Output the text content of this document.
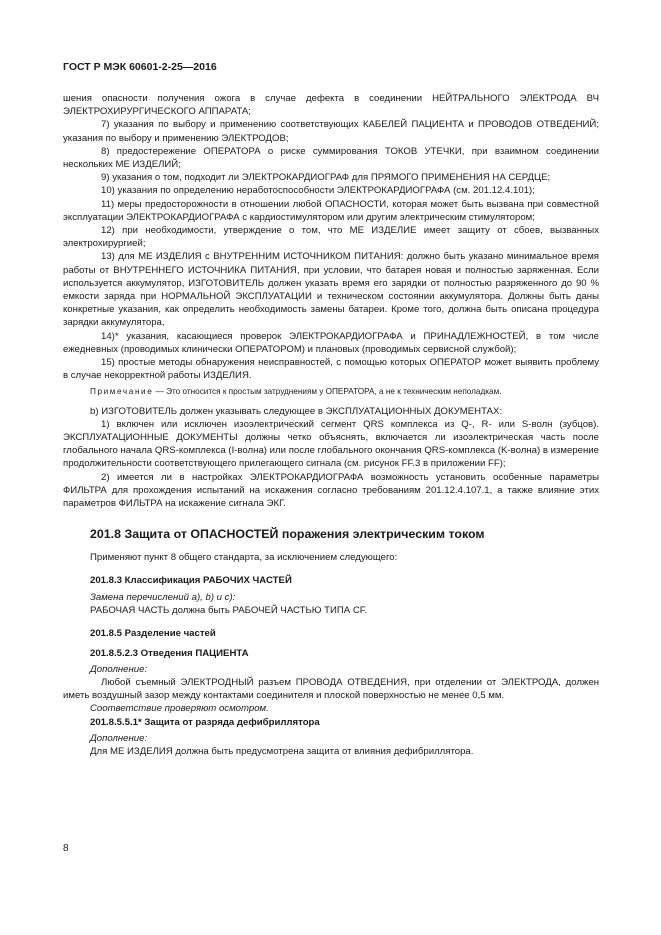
ГОСТ Р МЭК 60601-2-25—2016

шения опасности получения ожога в случае дефекта в соединении НЕЙТРАЛЬНОГО ЭЛЕКТРОДА ВЧ ЭЛЕКТРОХИРУРГИЧЕСКОГО АППАРАТА;

7) указания по выбору и применению соответствующих КАБЕЛЕЙ ПАЦИЕНТА и ПРОВОДОВ ОТВЕДЕНИЙ; указания по выбору и применению ЭЛЕКТРОДОВ;

8) предостережение ОПЕРАТОРА о риске суммирования ТОКОВ УТЕЧКИ, при взаимном соединении нескольких МЕ ИЗДЕЛИЙ;

9) указания о том, подходит ли ЭЛЕКТРОКАРДИОГРАФ для ПРЯМОГО ПРИМЕНЕНИЯ НА СЕРДЦЕ;

10) указания по определению неработоспособности ЭЛЕКТРОКАРДИОГРАФА (см. 201.12.4.101);

11) меры предосторожности в отношении любой ОПАСНОСТИ, которая может быть вызвана при совместной эксплуатации ЭЛЕКТРОКАРДИОГРАФА с кардиостимулятором или другим электрическим стимулятором;

12) при необходимости, утверждение о том, что МЕ ИЗДЕЛИЕ имеет защиту от сбоев, вызванных электрохирургией;

13) для МЕ ИЗДЕЛИЯ с ВНУТРЕННИМ ИСТОЧНИКОМ ПИТАНИЯ: должно быть указано минимальное время работы от ВНУТРЕННЕГО ИСТОЧНИКА ПИТАНИЯ, при условии, что батарея новая и полностью заряженная. Если используется аккумулятор, ИЗГОТОВИТЕЛЬ должен указать время его зарядки от полностью разряженного до 90 % емкости заряда при НОРМАЛЬНОЙ ЭКСПЛУАТАЦИИ и техническом состоянии аккумулятора. Должны быть даны конкретные указания, как определить необходимость замены батареи. Кроме того, должна быть описана процедура зарядки аккумулятора,

14)* указания, касающиеся проверок ЭЛЕКТРОКАРДИОГРАФА и ПРИНАДЛЕЖНОСТЕЙ, в том числе ежедневных (проводимых клинически ОПЕРАТОРОМ) и плановых (проводимых сервисной службой);

15) простые методы обнаружения неисправностей, с помощью которых ОПЕРАТОР может выявить проблему в случае некорректной работы ИЗДЕЛИЯ.

Примечание — Это относится к простым затруднениям у ОПЕРАТОРА, а не к техническим неполадкам.

b) ИЗГОТОВИТЕЛЬ должен указывать следующее в ЭКСПЛУАТАЦИОННЫХ ДОКУМЕНТАХ:

1) включен или исключен изоэлектрический сегмент QRS комплекса из Q-, R- или S-волн (зубцов). ЭКСПЛУАТАЦИОННЫЕ ДОКУМЕНТЫ должны четко объяснять, включается ли изоэлектрическая часть после глобального начала QRS-комплекса (I-волна) или после глобального окончания QRS-комплекса (K-волна) в измерение продолжительности соответствующего прилегающего сигнала (см. рисунок FF.3 в приложении FF);

2) имеется ли в настройках ЭЛЕКТРОКАРДИОГРАФА возможность установить особенные параметры ФИЛЬТРА для прохождения испытаний на искажения согласно требованиям 201.12.4.107.1, а также влияние этих параметров ФИЛЬТРА на искажение сигнала ЭКГ.

201.8 Защита от ОПАСНОСТЕЙ поражения электрическим током

Применяют пункт 8 общего стандарта, за исключением следующего:

201.8.3 Классификация РАБОЧИХ ЧАСТЕЙ

Замена перечислений a), b) и c):

РАБОЧАЯ ЧАСТЬ должна быть РАБОЧЕЙ ЧАСТЬЮ ТИПА CF.

201.8.5 Разделение частей
201.8.5.2.3 Отведения ПАЦИЕНТА

Дополнение:

Любой съемный ЭЛЕКТРОДНЫЙ разъем ПРОВОДА ОТВЕДЕНИЯ, при отделении от ЭЛЕКТРОДА, должен иметь воздушный зазор между контактами соединителя и плоской поверхностью не менее 0,5 мм.

Соответствие проверяют осмотром.

201.8.5.5.1* Защита от разряда дефибриллятора

Дополнение:

Для МЕ ИЗДЕЛИЯ должна быть предусмотрена защита от влияния дефибриллятора.

8
